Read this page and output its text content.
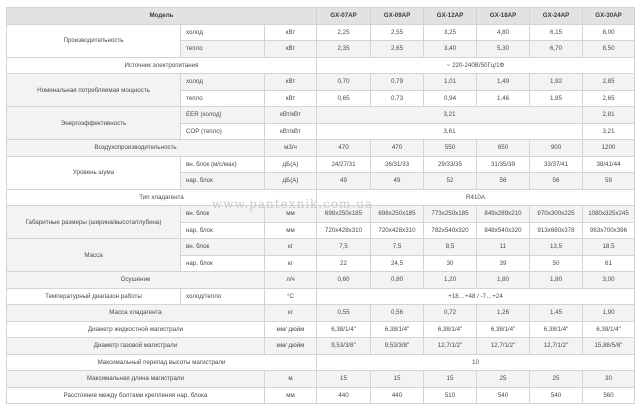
Модель			GX-07AP	GX-09AP	GX-12AP	GX-18AP	GX-24AP	GX-30AP
Производительность	холод	кВт	2,25	2,55	3,25	4,80	6,15	8,00
	тепло	кВт	2,35	2,65	3,40	5,30	6,70	8,50
Источник электропитания			~ 220-240В/50Гц/1Ф					
Номинальная потребляемая мощность	холод	кВт	0,70	0,79	1,01	1,49	1,92	2,85
	тепло	кВт	0,65	0,73	0,94	1,46	1,85	2,65
Энергоэффективность	EER (холод)	кВт/кВт	3,21					2,81
	COP (тепло)	кВт/кВт	3,61					3,21
Воздухопроизводительность		м3/ч	470	470	550	650	900	1200
Уровень шума	вн. блок (м/с/мах)	дБ(А)	24/27/31	26/31/33	29/33/35	31/35/39	33/37/41	38/41/44
	нар. блок	дБ(А)	49	49	52	56	56	59
Тип хладагента			R410A					
Габаритные размеры (ширина/высота/глубина)	вн. блок	мм	698x250x185	698x250x185	773x250x185	849x289x210	970x300x225	1080x325x245
	нар. блок	мм	720x428x310	720x428x310	782x540x320	848x540x320	913x680x378	963x700x396
Масса	вн. блок	кг	7,5	7,5	8,5	11	13,5	18,5
	нар. блок	кг	22	24,5	30	39	50	61
Осушение		л/ч	0,60	0,80	1,20	1,80	1,80	3,00
Температурный диапазон работы	холод/тепло	°С	+18…+48 / -7…+24					
Масса хладагента		кг	0,55	0,56	0,72	1,26	1,45	1,90
Диаметр жидкостной магистрали		мм/ дюйм	6,38/1/4"	6,38/1/4"	6,38/1/4"	6,38/1/4"	6,38/1/4"	6,38/1/4"
Диаметр газовой магистрали		мм/ дюйм	9,53/3/8"	9,53/3/8"	12,7/1/2"	12,7/1/2"	12,7/1/2"	15,88/5/8"
Максимальный перепад высоты магистрали			10					
Максимальная длина магистрали		м	15	15	15	25	25	30
Расстояние между болтами крепления нар. блока		мм	440	440	510	540	540	560
www.pantexnik.com.ua
